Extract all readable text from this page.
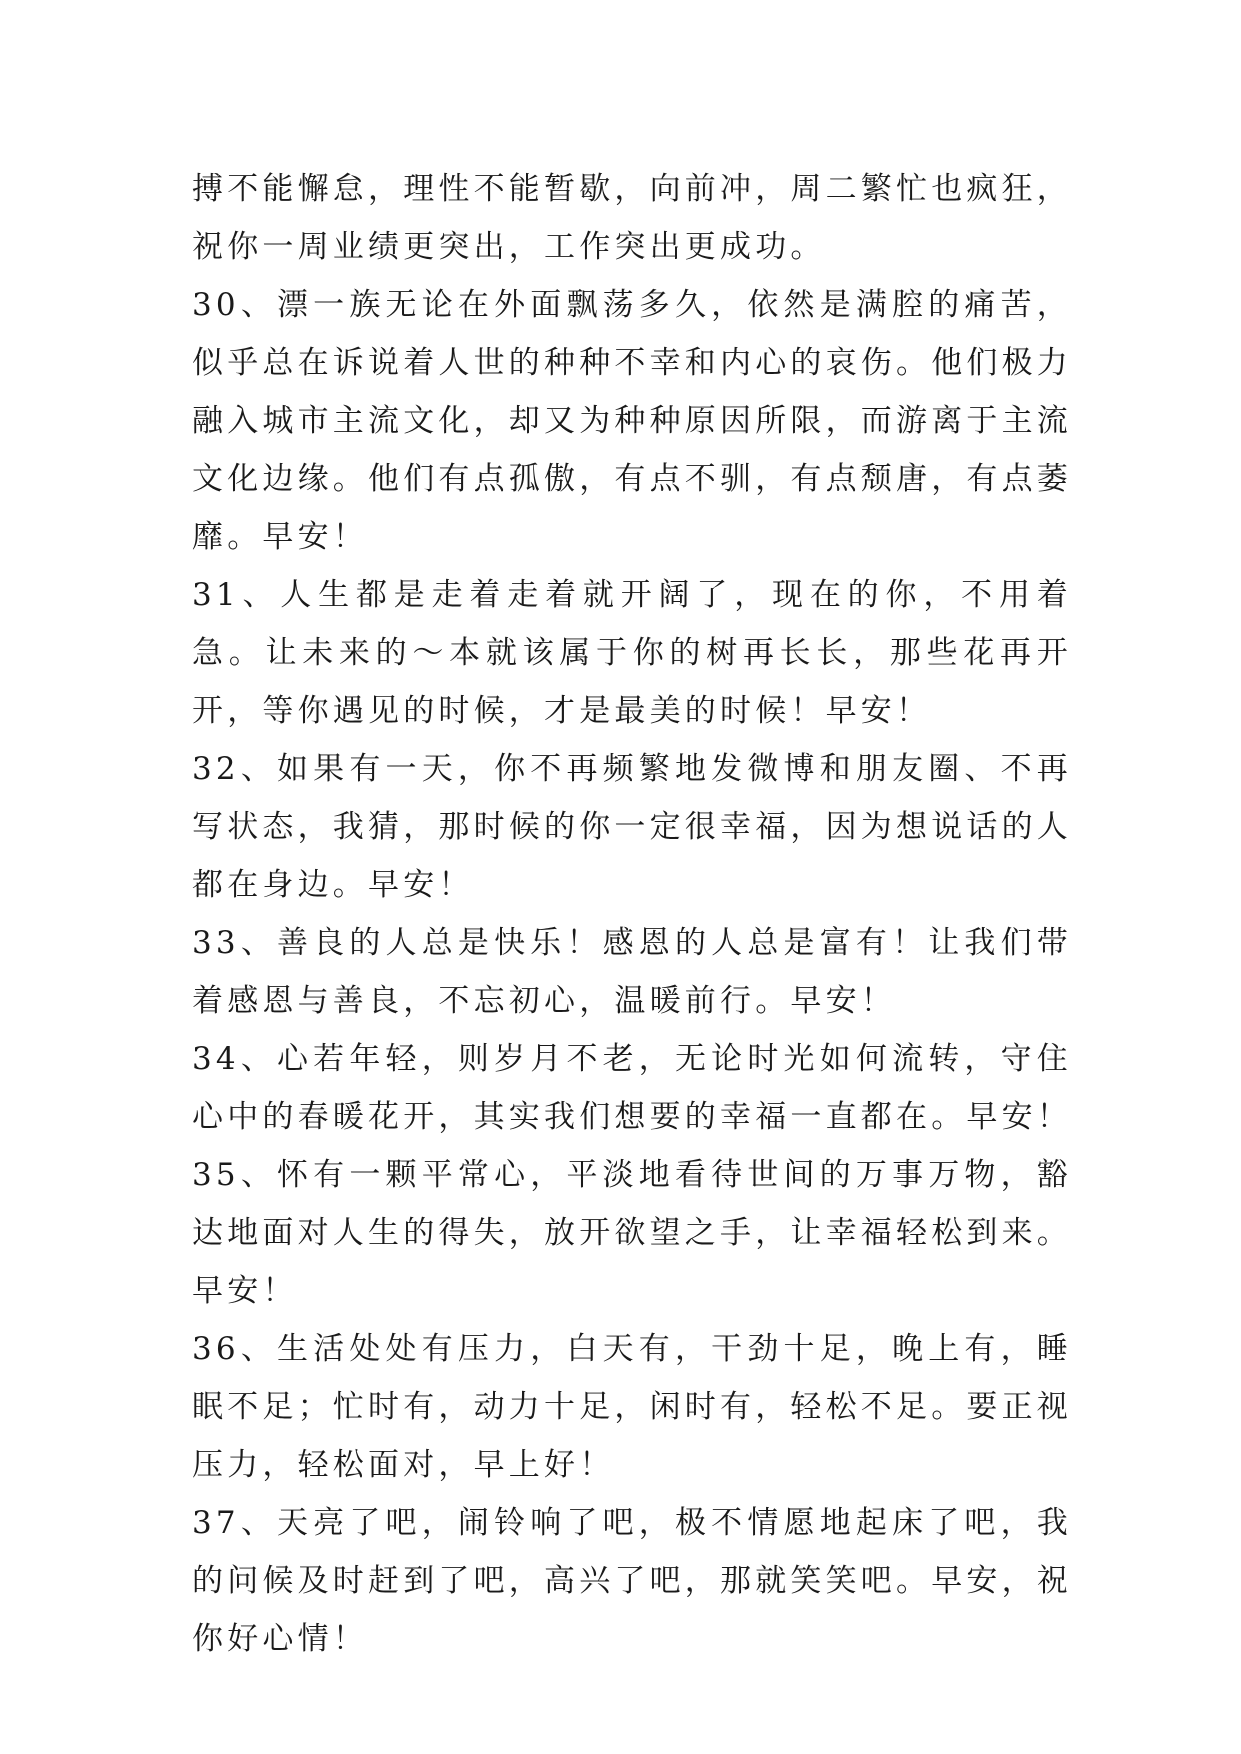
搏不能懈怠，理性不能暂歇，向前冲，周二繁忙也疯狂，祝你一周业绩更突出，工作突出更成功。

30、漂一族无论在外面飘荡多久，依然是满腔的痛苦，似乎总在诉说着人世的种种不幸和内心的哀伤。他们极力融入城市主流文化，却又为种种原因所限，而游离于主流文化边缘。他们有点孤傲，有点不驯，有点颓唐，有点萎靡。早安！

31、人生都是走着走着就开阔了，现在的你，不用着急。让未来的～本就该属于你的树再长长，那些花再开开，等你遇见的时候，才是最美的时候！早安！

32、如果有一天，你不再频繁地发微博和朋友圈、不再写状态，我猜，那时候的你一定很幸福，因为想说话的人都在身边。早安！

33、善良的人总是快乐！感恩的人总是富有！让我们带着感恩与善良，不忘初心，温暖前行。早安！

34、心若年轻，则岁月不老，无论时光如何流转，守住心中的春暖花开，其实我们想要的幸福一直都在。早安！

35、怀有一颗平常心，平淡地看待世间的万事万物，豁达地面对人生的得失，放开欲望之手，让幸福轻松到来。早安！

36、生活处处有压力，白天有，干劲十足，晚上有，睡眠不足；忙时有，动力十足，闲时有，轻松不足。要正视压力，轻松面对，早上好！

37、天亮了吧，闹铃响了吧，极不情愿地起床了吧，我的问候及时赶到了吧，高兴了吧，那就笑笑吧。早安，祝你好心情！
